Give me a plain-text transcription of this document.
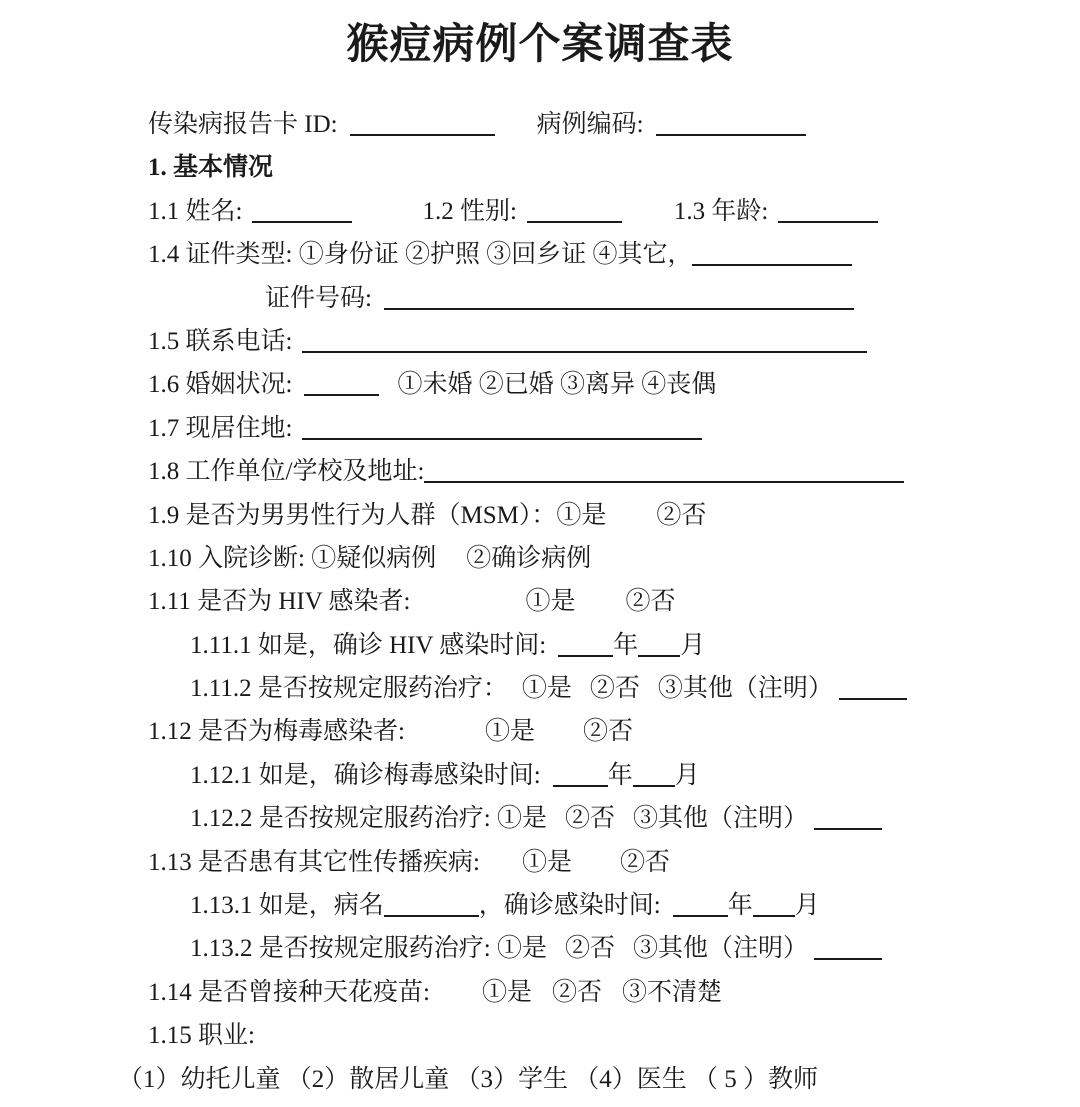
猴痘病例个案调查表
传染病报告卡 ID:	病例编码:
1. 基本情况
1.1 姓名:	1.2 性别:	1.3 年龄:
1.4 证件类型: ①身份证 ②护照 ③回乡证 ④其它，
证件号码:
1.5 联系电话:
1.6 婚姻状况:	①未婚 ②已婚 ③离异 ④丧偶
1.7 现居住地:
1.8 工作单位/学校及地址:
1.9 是否为男男性行为人群（MSM）：①是 ②否
1.10 入院诊断: ①疑似病例 ②确诊病例
1.11 是否为 HIV 感染者:	①是 ②否
1.11.1 如是，确诊 HIV 感染时间:	年 月
1.11.2 是否按规定服药治疗： ①是 ②否 ③其他（注明）
1.12 是否为梅毒感染者:	①是 ②否
1.12.1 如是，确诊梅毒感染时间:	年 月
1.12.2 是否按规定服药治疗: ①是 ②否 ③其他（注明）
1.13 是否患有其它性传播疾病: ①是 ②否
1.13.1 如是，病名	，确诊感染时间:	年 月
1.13.2 是否按规定服药治疗: ①是 ②否 ③其他（注明）
1.14 是否曾接种天花疫苗: ①是 ②否 ③不清楚
1.15 职业:
（1）幼托儿童 （2）散居儿童 （3）学生 （4）医生 （ 5 ）教师
